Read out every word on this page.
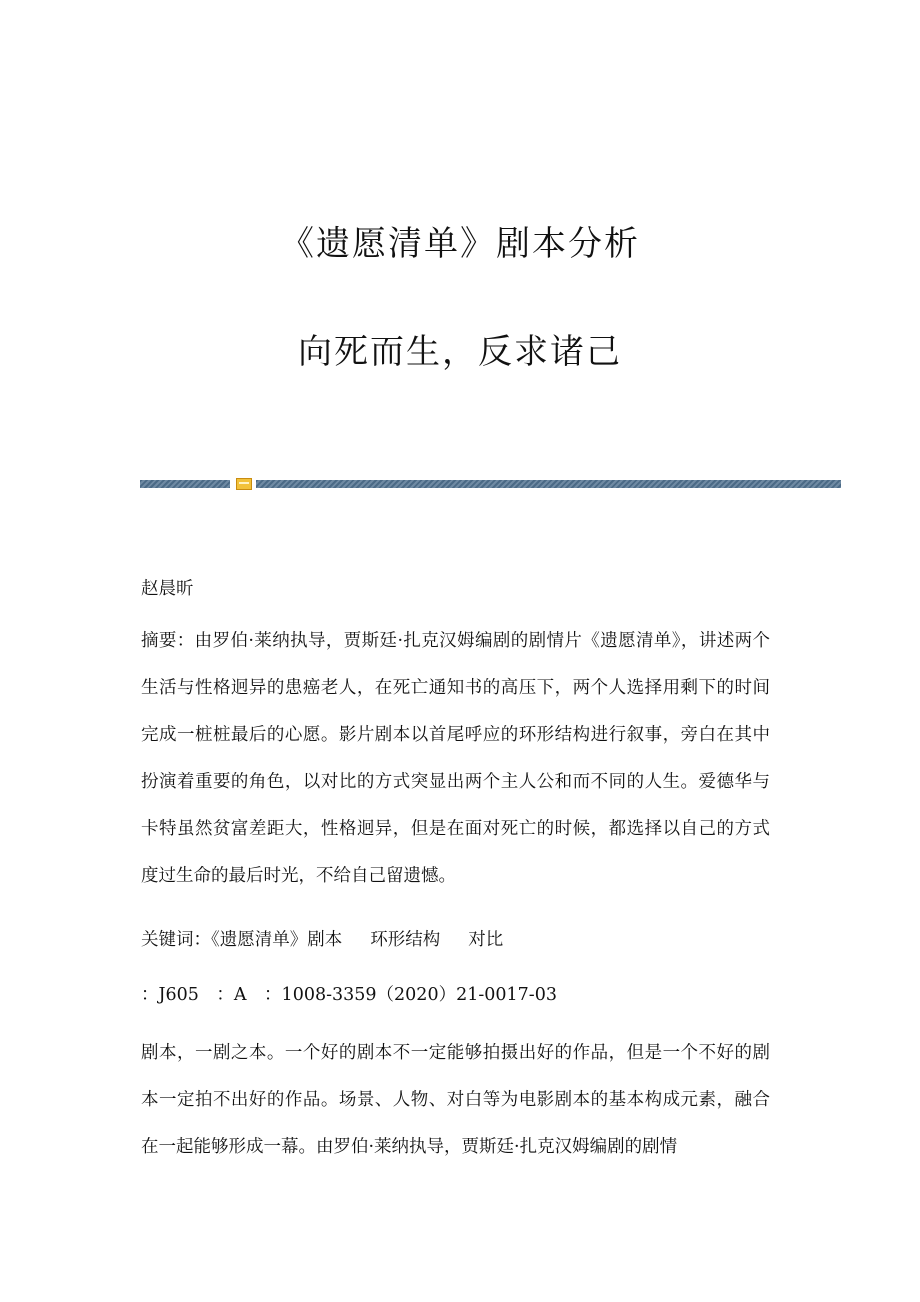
《遗愿清单》剧本分析
向死而生，反求诸己

赵晨昕

摘要：由罗伯·莱纳执导，贾斯廷·扎克汉姆编剧的剧情片《遗愿清单》，讲述两个生活与性格迥异的患癌老人，在死亡通知书的高压下，两个人选择用剩下的时间完成一桩桩最后的心愿。影片剧本以首尾呼应的环形结构进行叙事，旁白在其中扮演着重要的角色，以对比的方式突显出两个主人公和而不同的人生。爱德华与卡特虽然贫富差距大，性格迥异，但是在面对死亡的时候，都选择以自己的方式度过生命的最后时光，不给自己留遗憾。

关键词：《遗愿清单》剧本 环形结构 对比

：J605　：A　：1008-3359（2020）21-0017-03

剧本，一剧之本。一个好的剧本不一定能够拍摄出好的作品，但是一个不好的剧本一定拍不出好的作品。场景、人物、对白等为电影剧本的基本构成元素，融合在一起能够形成一幕。由罗伯·莱纳执导，贾斯廷·扎克汉姆编剧的剧情
